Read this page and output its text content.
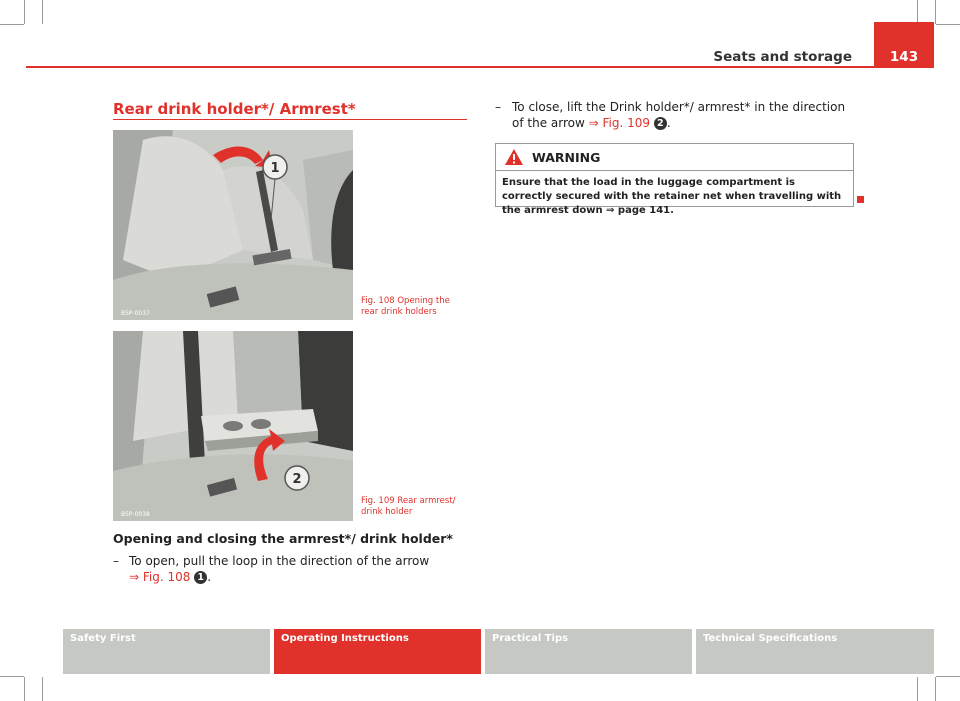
Seats and storage	143
Rear drink holder*/ Armrest*
1
B5P-0037
Fig. 108 Opening the rear drink holders
2
B5P-0038
Fig. 109 Rear armrest/ drink holder
Opening and closing the armrest*/ drink holder*
– To open, pull the loop in the direction of the arrow
⇒ Fig. 108 1 .
– To close, lift the Drink holder*/ armrest* in the direction of the arrow ⇒ Fig. 109 2 .
WARNING
Ensure that the load in the luggage compartment is correctly secured with the retainer net when travelling with the armrest down ⇒ page 141.
Safety First	Operating Instructions	Practical Tips	Technical Specifications
